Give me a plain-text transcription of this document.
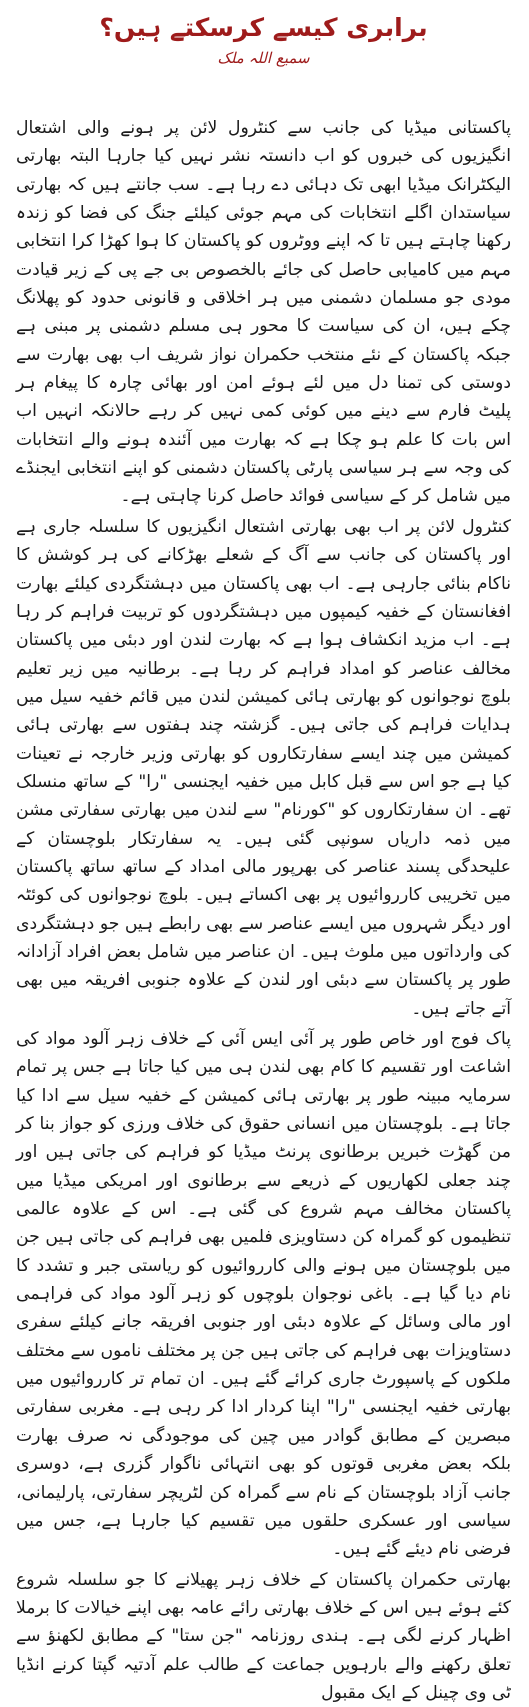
برابری کیسے کرسکتے ہیں؟
سمیع اللہ ملک

پاکستانی میڈیا کی جانب سے کنٹرول لائن پر ہونے والی اشتعال انگیزیوں کی خبروں کو اب دانستہ نشر نہیں کیا جارہا البتہ بھارتی الیکٹرانک میڈیا ابھی تک دہائی دے رہا ہے۔ سب جانتے ہیں کہ بھارتی سیاستدان اگلے انتخابات کی مہم جوئی کیلئے جنگ کی فضا کو زندہ رکھنا چاہتے ہیں تا کہ اپنے ووٹروں کو پاکستان کا ہوا کھڑا کرا انتخابی مہم میں کامیابی حاصل کی جائے بالخصوص بی جے پی کے زیر قیادت مودی جو مسلمان دشمنی میں ہر اخلاقی و قانونی حدود کو پھلانگ چکے ہیں، ان کی سیاست کا محور ہی مسلم دشمنی پر مبنی ہے جبکہ پاکستان کے نئے منتخب حکمران نواز شریف اب بھی بھارت سے دوستی کی تمنا دل میں لئے ہوئے امن اور بھائی چارہ کا پیغام ہر پلیٹ فارم سے دینے میں کوئی کمی نہیں کر رہے حالانکہ انہیں اب اس بات کا علم ہو چکا ہے کہ بھارت میں آئندہ ہونے والے انتخابات کی وجہ سے ہر سیاسی پارٹی پاکستان دشمنی کو اپنے انتخابی ایجنڈے میں شامل کر کے سیاسی فوائد حاصل کرنا چاہتی ہے۔

کنٹرول لائن پر اب بھی بھارتی اشتعال انگیزیوں کا سلسلہ جاری ہے اور پاکستان کی جانب سے آگ کے شعلے بھڑکانے کی ہر کوشش کا ناکام بنائی جارہی ہے۔ اب بھی پاکستان میں دہشتگردی کیلئے بھارت افغانستان کے خفیہ کیمپوں میں دہشتگردوں کو تربیت فراہم کر رہا ہے۔ اب مزید انکشاف ہوا ہے کہ بھارت لندن اور دبئی میں پاکستان مخالف عناصر کو امداد فراہم کر رہا ہے۔ برطانیہ میں زیر تعلیم بلوچ نوجوانوں کو بھارتی ہائی کمیشن لندن میں قائم خفیہ سیل میں ہدایات فراہم کی جاتی ہیں۔ گزشتہ چند ہفتوں سے بھارتی ہائی کمیشن میں چند ایسے سفارتکاروں کو بھارتی وزیر خارجہ نے تعینات کیا ہے جو اس سے قبل کابل میں خفیہ ایجنسی "را" کے ساتھ منسلک تھے۔ ان سفارتکاروں کو "کورنام" سے لندن میں بھارتی سفارتی مشن میں ذمہ داریاں سونپی گئی ہیں۔ یہ سفارتکار بلوچستان کے علیحدگی پسند عناصر کی بھرپور مالی امداد کے ساتھ ساتھ پاکستان میں تخریبی کارروائیوں پر بھی اکساتے ہیں۔ بلوچ نوجوانوں کی کوئٹہ اور دیگر شہروں میں ایسے عناصر سے بھی رابطے ہیں جو دہشتگردی کی وارداتوں میں ملوث ہیں۔ ان عناصر میں شامل بعض افراد آزادانہ طور پر پاکستان سے دبئی اور لندن کے علاوہ جنوبی افریقہ میں بھی آتے جاتے ہیں۔

پاک فوج اور خاص طور پر آئی ایس آئی کے خلاف زہر آلود مواد کی اشاعت اور تقسیم کا کام بھی لندن ہی میں کیا جاتا ہے جس پر تمام سرمایہ مبینہ طور پر بھارتی ہائی کمیشن کے خفیہ سیل سے ادا کیا جاتا ہے۔ بلوچستان میں انسانی حقوق کی خلاف ورزی کو جواز بنا کر من گھڑت خبریں برطانوی پرنٹ میڈیا کو فراہم کی جاتی ہیں اور چند جعلی لکھاریوں کے ذریعے سے برطانوی اور امریکی میڈیا میں پاکستان مخالف مہم شروع کی گئی ہے۔ اس کے علاوہ عالمی تنظیموں کو گمراہ کن دستاویزی فلمیں بھی فراہم کی جاتی ہیں جن میں بلوچستان میں ہونے والی کارروائیوں کو ریاستی جبر و تشدد کا نام دیا گیا ہے۔ باغی نوجوان بلوچوں کو زہر آلود مواد کی فراہمی اور مالی وسائل کے علاوہ دبئی اور جنوبی افریقہ جانے کیلئے سفری دستاویزات بھی فراہم کی جاتی ہیں جن پر مختلف ناموں سے مختلف ملکوں کے پاسپورٹ جاری کرائے گئے ہیں۔ ان تمام تر کارروائیوں میں بھارتی خفیہ ایجنسی "را" اپنا کردار ادا کر رہی ہے۔ مغربی سفارتی مبصرین کے مطابق گوادر میں چین کی موجودگی نہ صرف بھارت بلکہ بعض مغربی قوتوں کو بھی انتہائی ناگوار گزری ہے، دوسری جانب آزاد بلوچستان کے نام سے گمراہ کن لٹریچر سفارتی، پارلیمانی، سیاسی اور عسکری حلقوں میں تقسیم کیا جارہا ہے، جس میں فرضی نام دیئے گئے ہیں۔

بھارتی حکمران پاکستان کے خلاف زہر پھیلانے کا جو سلسلہ شروع کئے ہوئے ہیں اس کے خلاف بھارتی رائے عامہ بھی اپنے خیالات کا برملا اظہار کرنے لگی ہے۔ ہندی روزنامہ "جن ستا" کے مطابق لکھنؤ سے تعلق رکھنے والے بارہویں جماعت کے طالب علم آدتیہ گپتا کرنے انڈیا ٹی وی چینل کے ایک مقبول
